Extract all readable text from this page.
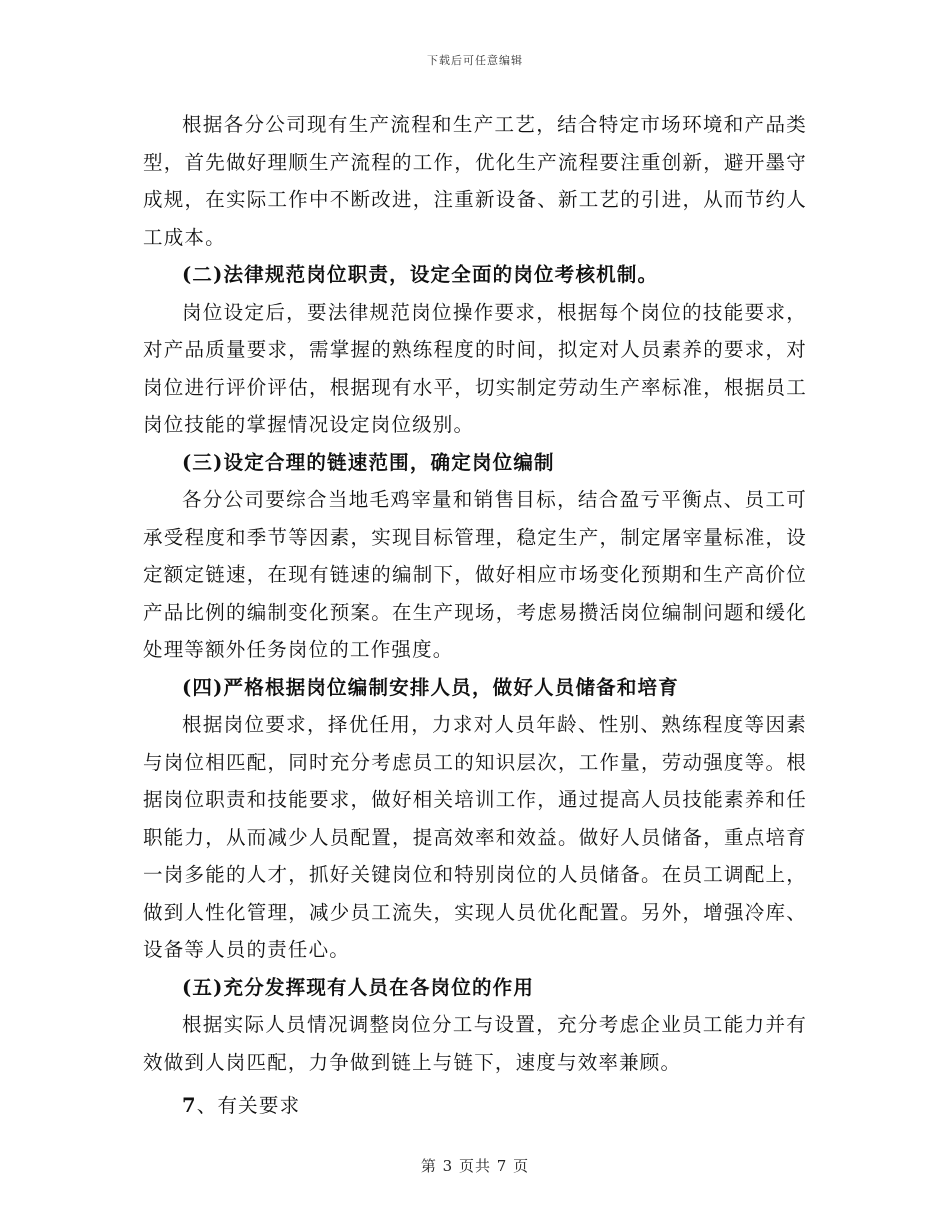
下载后可任意编辑

根据各分公司现有生产流程和生产工艺，结合特定市场环境和产品类型，首先做好理顺生产流程的工作，优化生产流程要注重创新，避开墨守成规，在实际工作中不断改进，注重新设备、新工艺的引进，从而节约人工成本。

(二)法律规范岗位职责，设定全面的岗位考核机制。

岗位设定后，要法律规范岗位操作要求，根据每个岗位的技能要求，对产品质量要求，需掌握的熟练程度的时间，拟定对人员素养的要求，对岗位进行评价评估，根据现有水平，切实制定劳动生产率标准，根据员工岗位技能的掌握情况设定岗位级别。

(三)设定合理的链速范围，确定岗位编制

各分公司要综合当地毛鸡宰量和销售目标，结合盈亏平衡点、员工可承受程度和季节等因素，实现目标管理，稳定生产，制定屠宰量标准，设定额定链速，在现有链速的编制下，做好相应市场变化预期和生产高价位产品比例的编制变化预案。在生产现场，考虑易攒活岗位编制问题和缓化处理等额外任务岗位的工作强度。

(四)严格根据岗位编制安排人员，做好人员储备和培育

根据岗位要求，择优任用，力求对人员年龄、性别、熟练程度等因素与岗位相匹配，同时充分考虑员工的知识层次，工作量，劳动强度等。根据岗位职责和技能要求，做好相关培训工作，通过提高人员技能素养和任职能力，从而减少人员配置，提高效率和效益。做好人员储备，重点培育一岗多能的人才，抓好关键岗位和特别岗位的人员储备。在员工调配上，做到人性化管理，减少员工流失，实现人员优化配置。另外，增强冷库、设备等人员的责任心。

(五)充分发挥现有人员在各岗位的作用

根据实际人员情况调整岗位分工与设置，充分考虑企业员工能力并有效做到人岗匹配，力争做到链上与链下，速度与效率兼顾。

7、有关要求

第 3 页共 7 页
